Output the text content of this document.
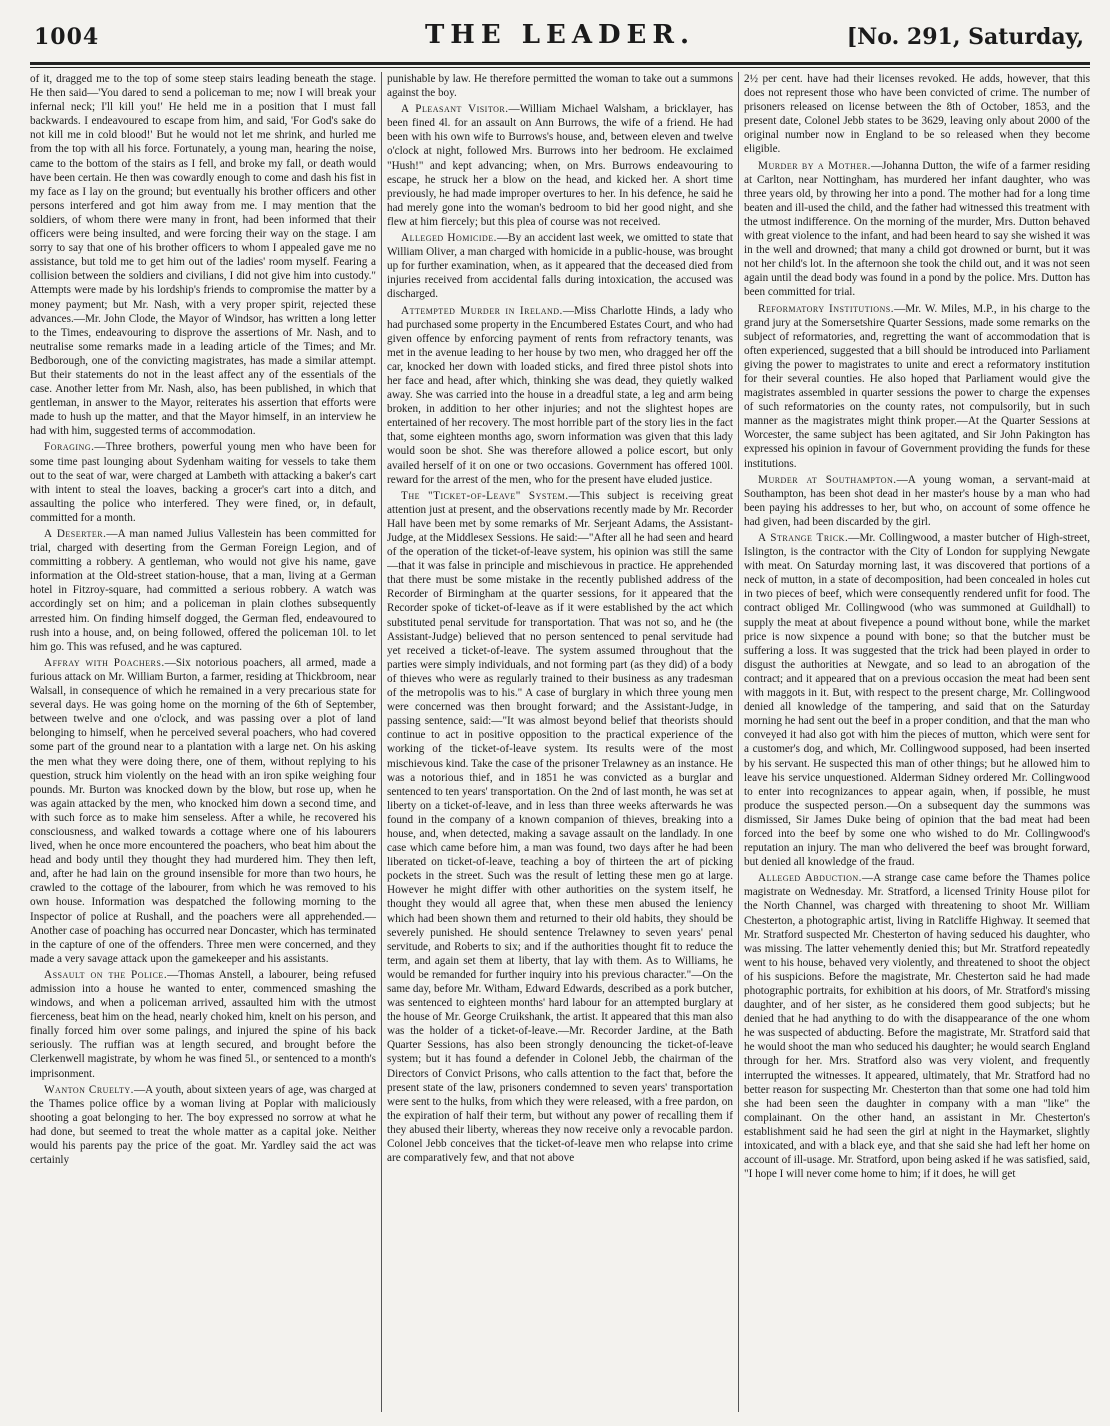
1004	THE LEADER.	[No. 291, Saturday,

of it, dragged me to the top of some steep stairs leading beneath the stage. He then said—'You dared to send a policeman to me; now I will break your infernal neck; I'll kill you!' He held me in a position that I must fall backwards. I endeavoured to escape from him, and said, 'For God's sake do not kill me in cold blood!' But he would not let me shrink, and hurled me from the top with all his force. Fortunately, a young man, hearing the noise, came to the bottom of the stairs as I fell, and broke my fall, or death would have been certain. He then was cowardly enough to come and dash his fist in my face as I lay on the ground; but eventually his brother officers and other persons interfered and got him away from me. I may mention that the soldiers, of whom there were many in front, had been informed that their officers were being insulted, and were forcing their way on the stage. I am sorry to say that one of his brother officers to whom I appealed gave me no assistance, but told me to get him out of the ladies' room myself. Fearing a collision between the soldiers and civilians, I did not give him into custody." Attempts were made by his lordship's friends to compromise the matter by a money payment; but Mr. Nash, with a very proper spirit, rejected these advances.—Mr. John Clode, the Mayor of Windsor, has written a long letter to the Times, endeavouring to disprove the assertions of Mr. Nash, and to neutralise some remarks made in a leading article of the Times; and Mr. Bedborough, one of the convicting magistrates, has made a similar attempt. But their statements do not in the least affect any of the essentials of the case. Another letter from Mr. Nash, also, has been published, in which that gentleman, in answer to the Mayor, reiterates his assertion that efforts were made to hush up the matter, and that the Mayor himself, in an interview he had with him, suggested terms of accommodation.

Foraging.—Three brothers, powerful young men who have been for some time past lounging about Sydenham waiting for vessels to take them out to the seat of war, were charged at Lambeth with attacking a baker's cart with intent to steal the loaves, backing a grocer's cart into a ditch, and assaulting the police who interfered. They were fined, or, in default, committed for a month.

A Deserter.—A man named Julius Vallestein has been committed for trial, charged with deserting from the German Foreign Legion, and of committing a robbery. A gentleman, who would not give his name, gave information at the Old-street station-house, that a man, living at a German hotel in Fitzroy-square, had committed a serious robbery. A watch was accordingly set on him; and a policeman in plain clothes subsequently arrested him. On finding himself dogged, the German fled, endeavoured to rush into a house, and, on being followed, offered the policeman 10l. to let him go. This was refused, and he was captured.

Affray with Poachers.—Six notorious poachers, all armed, made a furious attack on Mr. William Burton, a farmer, residing at Thickbroom, near Walsall, in consequence of which he remained in a very precarious state for several days. He was going home on the morning of the 6th of September, between twelve and one o'clock, and was passing over a plot of land belonging to himself, when he perceived several poachers, who had covered some part of the ground near to a plantation with a large net. On his asking the men what they were doing there, one of them, without replying to his question, struck him violently on the head with an iron spike weighing four pounds. Mr. Burton was knocked down by the blow, but rose up, when he was again attacked by the men, who knocked him down a second time, and with such force as to make him senseless. After a while, he recovered his consciousness, and walked towards a cottage where one of his labourers lived, when he once more encountered the poachers, who beat him about the head and body until they thought they had murdered him. They then left, and, after he had lain on the ground insensible for more than two hours, he crawled to the cottage of the labourer, from which he was removed to his own house. Information was despatched the following morning to the Inspector of police at Rushall, and the poachers were all apprehended.—Another case of poaching has occurred near Doncaster, which has terminated in the capture of one of the offenders. Three men were concerned, and they made a very savage attack upon the gamekeeper and his assistants.

Assault on the Police.—Thomas Anstell, a labourer, being refused admission into a house he wanted to enter, commenced smashing the windows, and when a policeman arrived, assaulted him with the utmost fierceness, beat him on the head, nearly choked him, knelt on his person, and finally forced him over some palings, and injured the spine of his back seriously. The ruffian was at length secured, and brought before the Clerkenwell magistrate, by whom he was fined 5l., or sentenced to a month's imprisonment.

Wanton Cruelty.—A youth, about sixteen years of age, was charged at the Thames police office by a woman living at Poplar with maliciously shooting a goat belonging to her. The boy expressed no sorrow at what he had done, but seemed to treat the whole matter as a capital joke. Neither would his parents pay the price of the goat. Mr. Yardley said the act was certainly

punishable by law. He therefore permitted the woman to take out a summons against the boy.

A Pleasant Visitor.—William Michael Walsham, a bricklayer, has been fined 4l. for an assault on Ann Burrows, the wife of a friend. He had been with his own wife to Burrows's house, and, between eleven and twelve o'clock at night, followed Mrs. Burrows into her bedroom. He exclaimed "Hush!" and kept advancing; when, on Mrs. Burrows endeavouring to escape, he struck her a blow on the head, and kicked her. A short time previously, he had made improper overtures to her. In his defence, he said he had merely gone into the woman's bedroom to bid her good night, and she flew at him fiercely; but this plea of course was not received.

Alleged Homicide.—By an accident last week, we omitted to state that William Oliver, a man charged with homicide in a public-house, was brought up for further examination, when, as it appeared that the deceased died from injuries received from accidental falls during intoxication, the accused was discharged.

Attempted Murder in Ireland.—Miss Charlotte Hinds, a lady who had purchased some property in the Encumbered Estates Court, and who had given offence by enforcing payment of rents from refractory tenants, was met in the avenue leading to her house by two men, who dragged her off the car, knocked her down with loaded sticks, and fired three pistol shots into her face and head, after which, thinking she was dead, they quietly walked away. She was carried into the house in a dreadful state, a leg and arm being broken, in addition to her other injuries; and not the slightest hopes are entertained of her recovery. The most horrible part of the story lies in the fact that, some eighteen months ago, sworn information was given that this lady would soon be shot. She was therefore allowed a police escort, but only availed herself of it on one or two occasions. Government has offered 100l. reward for the arrest of the men, who for the present have eluded justice.

The "Ticket-of-Leave" System.—This subject is receiving great attention just at present, and the observations recently made by Mr. Recorder Hall have been met by some remarks of Mr. Serjeant Adams, the Assistant-Judge, at the Middlesex Sessions. He said:—"After all he had seen and heard of the operation of the ticket-of-leave system, his opinion was still the same—that it was false in principle and mischievous in practice. He apprehended that there must be some mistake in the recently published address of the Recorder of Birmingham at the quarter sessions, for it appeared that the Recorder spoke of ticket-of-leave as if it were established by the act which substituted penal servitude for transportation. That was not so, and he (the Assistant-Judge) believed that no person sentenced to penal servitude had yet received a ticket-of-leave. The system assumed throughout that the parties were simply individuals, and not forming part (as they did) of a body of thieves who were as regularly trained to their business as any tradesman of the metropolis was to his." A case of burglary in which three young men were concerned was then brought forward; and the Assistant-Judge, in passing sentence, said:—"It was almost beyond belief that theorists should continue to act in positive opposition to the practical experience of the working of the ticket-of-leave system. Its results were of the most mischievous kind. Take the case of the prisoner Trelawney as an instance. He was a notorious thief, and in 1851 he was convicted as a burglar and sentenced to ten years' transportation. On the 2nd of last month, he was set at liberty on a ticket-of-leave, and in less than three weeks afterwards he was found in the company of a known companion of thieves, breaking into a house, and, when detected, making a savage assault on the landlady. In one case which came before him, a man was found, two days after he had been liberated on ticket-of-leave, teaching a boy of thirteen the art of picking pockets in the street. Such was the result of letting these men go at large. However he might differ with other authorities on the system itself, he thought they would all agree that, when these men abused the leniency which had been shown them and returned to their old habits, they should be severely punished. He should sentence Trelawney to seven years' penal servitude, and Roberts to six; and if the authorities thought fit to reduce the term, and again set them at liberty, that lay with them. As to Williams, he would be remanded for further inquiry into his previous character."—On the same day, before Mr. Witham, Edward Edwards, described as a pork butcher, was sentenced to eighteen months' hard labour for an attempted burglary at the house of Mr. George Cruikshank, the artist. It appeared that this man also was the holder of a ticket-of-leave.—Mr. Recorder Jardine, at the Bath Quarter Sessions, has also been strongly denouncing the ticket-of-leave system; but it has found a defender in Colonel Jebb, the chairman of the Directors of Convict Prisons, who calls attention to the fact that, before the present state of the law, prisoners condemned to seven years' transportation were sent to the hulks, from which they were released, with a free pardon, on the expiration of half their term, but without any power of recalling them if they abused their liberty, whereas they now receive only a revocable pardon. Colonel Jebb conceives that the ticket-of-leave men who relapse into crime are comparatively few, and that not above

2½ per cent. have had their licenses revoked. He adds, however, that this does not represent those who have been convicted of crime. The number of prisoners released on license between the 8th of October, 1853, and the present date, Colonel Jebb states to be 3629, leaving only about 2000 of the original number now in England to be so released when they become eligible.

Murder by a Mother.—Johanna Dutton, the wife of a farmer residing at Carlton, near Nottingham, has murdered her infant daughter, who was three years old, by throwing her into a pond. The mother had for a long time beaten and ill-used the child, and the father had witnessed this treatment with the utmost indifference. On the morning of the murder, Mrs. Dutton behaved with great violence to the infant, and had been heard to say she wished it was in the well and drowned; that many a child got drowned or burnt, but it was not her child's lot. In the afternoon she took the child out, and it was not seen again until the dead body was found in a pond by the police. Mrs. Dutton has been committed for trial.

Reformatory Institutions.—Mr. W. Miles, M.P., in his charge to the grand jury at the Somersetshire Quarter Sessions, made some remarks on the subject of reformatories, and, regretting the want of accommodation that is often experienced, suggested that a bill should be introduced into Parliament giving the power to magistrates to unite and erect a reformatory institution for their several counties. He also hoped that Parliament would give the magistrates assembled in quarter sessions the power to charge the expenses of such reformatories on the county rates, not compulsorily, but in such manner as the magistrates might think proper.—At the Quarter Sessions at Worcester, the same subject has been agitated, and Sir John Pakington has expressed his opinion in favour of Government providing the funds for these institutions.

Murder at Southampton.—A young woman, a servant-maid at Southampton, has been shot dead in her master's house by a man who had been paying his addresses to her, but who, on account of some offence he had given, had been discarded by the girl.

A Strange Trick.—Mr. Collingwood, a master butcher of High-street, Islington, is the contractor with the City of London for supplying Newgate with meat. On Saturday morning last, it was discovered that portions of a neck of mutton, in a state of decomposition, had been concealed in holes cut in two pieces of beef, which were consequently rendered unfit for food. The contract obliged Mr. Collingwood (who was summoned at Guildhall) to supply the meat at about fivepence a pound without bone, while the market price is now sixpence a pound with bone; so that the butcher must be suffering a loss. It was suggested that the trick had been played in order to disgust the authorities at Newgate, and so lead to an abrogation of the contract; and it appeared that on a previous occasion the meat had been sent with maggots in it. But, with respect to the present charge, Mr. Collingwood denied all knowledge of the tampering, and said that on the Saturday morning he had sent out the beef in a proper condition, and that the man who conveyed it had also got with him the pieces of mutton, which were sent for a customer's dog, and which, Mr. Collingwood supposed, had been inserted by his servant. He suspected this man of other things; but he allowed him to leave his service unquestioned. Alderman Sidney ordered Mr. Collingwood to enter into recognizances to appear again, when, if possible, he must produce the suspected person.—On a subsequent day the summons was dismissed, Sir James Duke being of opinion that the bad meat had been forced into the beef by some one who wished to do Mr. Collingwood's reputation an injury. The man who delivered the beef was brought forward, but denied all knowledge of the fraud.

Alleged Abduction.—A strange case came before the Thames police magistrate on Wednesday. Mr. Stratford, a licensed Trinity House pilot for the North Channel, was charged with threatening to shoot Mr. William Chesterton, a photographic artist, living in Ratcliffe Highway. It seemed that Mr. Stratford suspected Mr. Chesterton of having seduced his daughter, who was missing. The latter vehemently denied this; but Mr. Stratford repeatedly went to his house, behaved very violently, and threatened to shoot the object of his suspicions. Before the magistrate, Mr. Chesterton said he had made photographic portraits, for exhibition at his doors, of Mr. Stratford's missing daughter, and of her sister, as he considered them good subjects; but he denied that he had anything to do with the disappearance of the one whom he was suspected of abducting. Before the magistrate, Mr. Stratford said that he would shoot the man who seduced his daughter; he would search England through for her. Mrs. Stratford also was very violent, and frequently interrupted the witnesses. It appeared, ultimately, that Mr. Stratford had no better reason for suspecting Mr. Chesterton than that some one had told him she had been seen the daughter in company with a man "like" the complainant. On the other hand, an assistant in Mr. Chesterton's establishment said he had seen the girl at night in the Haymarket, slightly intoxicated, and with a black eye, and that she said she had left her home on account of ill-usage. Mr. Stratford, upon being asked if he was satisfied, said, "I hope I will never come home to him; if it does, he will get
